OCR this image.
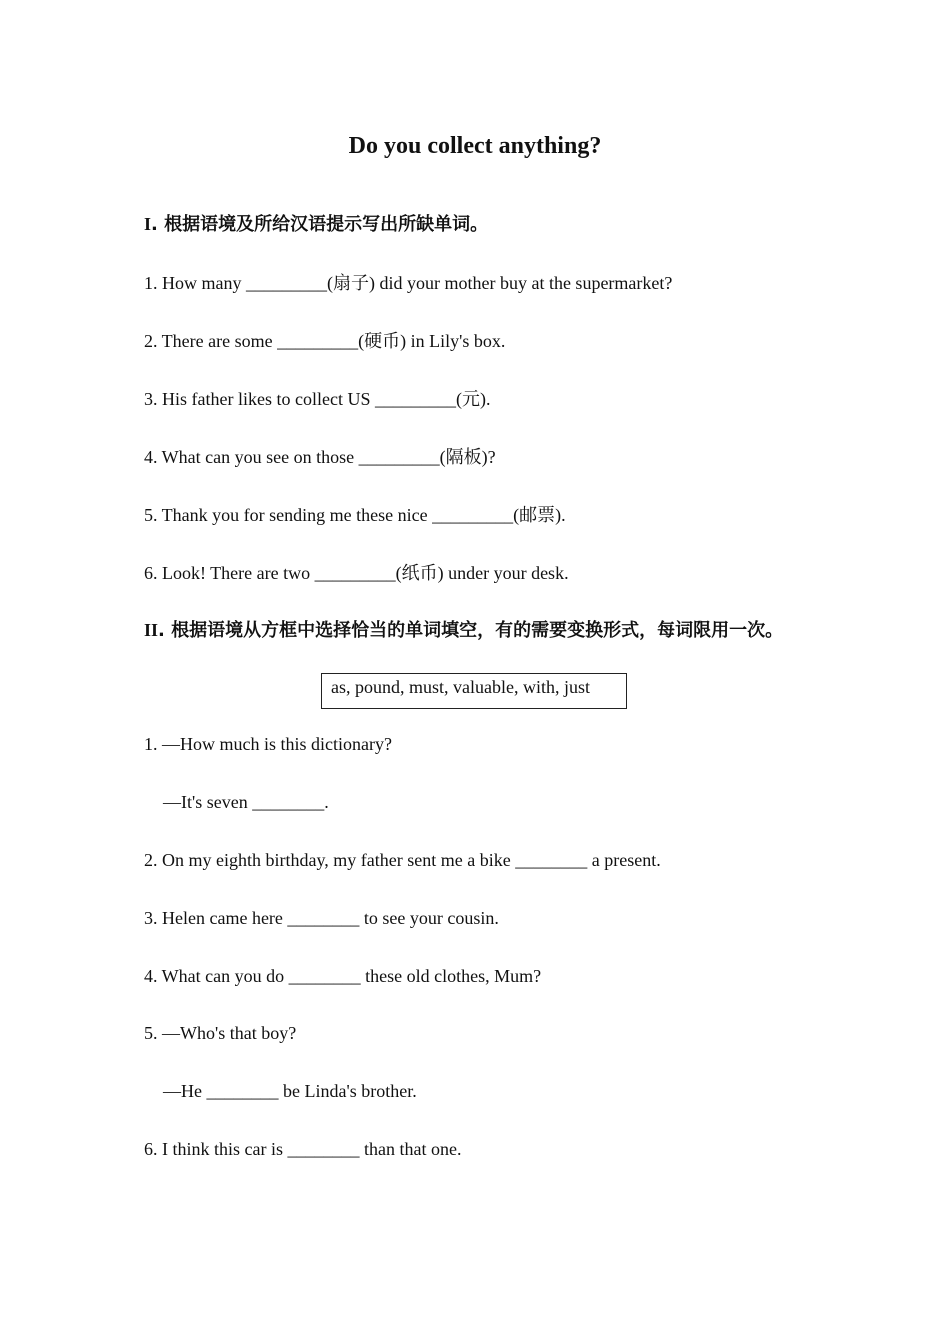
Do you collect anything?
I. 根据语境及所给汉语提示写出所缺单词。
1. How many _________(扇子) did your mother buy at the supermarket?
2. There are some _________(硬币) in Lily's box.
3. His father likes to collect US _________(元).
4. What can you see on those _________(隔板)?
5. Thank you for sending me these nice _________(邮票).
6. Look! There are two _________(纸币) under your desk.
II. 根据语境从方框中选择恰当的单词填空，有的需要变换形式，每词限用一次。
as, pound, must, valuable, with, just
1. —How much is this dictionary?
—It's seven ________.
2. On my eighth birthday, my father sent me a bike ________ a present.
3. Helen came here ________ to see your cousin.
4. What can you do ________ these old clothes, Mum?
5. —Who's that boy?
—He ________ be Linda's brother.
6. I think this car is ________ than that one.
